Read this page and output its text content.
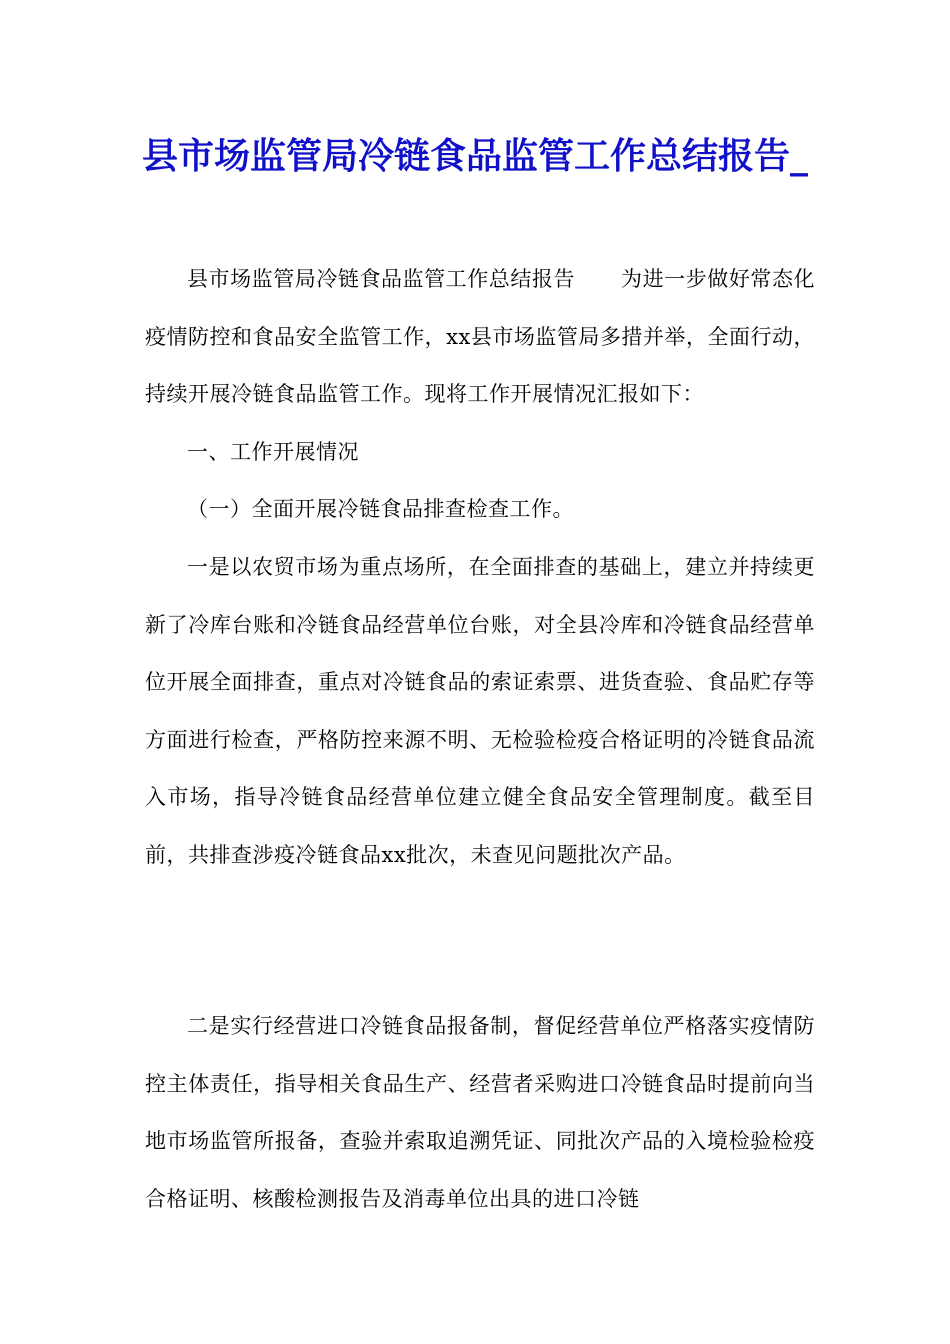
县市场监管局冷链食品监管工作总结报告_

县市场监管局冷链食品监管工作总结报告 为进一步做好常态化疫情防控和食品安全监管工作，xx县市场监管局多措并举，全面行动，持续开展冷链食品监管工作。现将工作开展情况汇报如下：

一、工作开展情况

（一）全面开展冷链食品排查检查工作。

一是以农贸市场为重点场所，在全面排查的基础上，建立并持续更新了冷库台账和冷链食品经营单位台账，对全县冷库和冷链食品经营单位开展全面排查，重点对冷链食品的索证索票、进货查验、食品贮存等方面进行检查，严格防控来源不明、无检验检疫合格证明的冷链食品流入市场，指导冷链食品经营单位建立健全食品安全管理制度。截至目前，共排查涉疫冷链食品xx批次，未查见问题批次产品。

二是实行经营进口冷链食品报备制，督促经营单位严格落实疫情防控主体责任，指导相关食品生产、经营者采购进口冷链食品时提前向当地市场监管所报备，查验并索取追溯凭证、同批次产品的入境检验检疫合格证明、核酸检测报告及消毒单位出具的进口冷链
